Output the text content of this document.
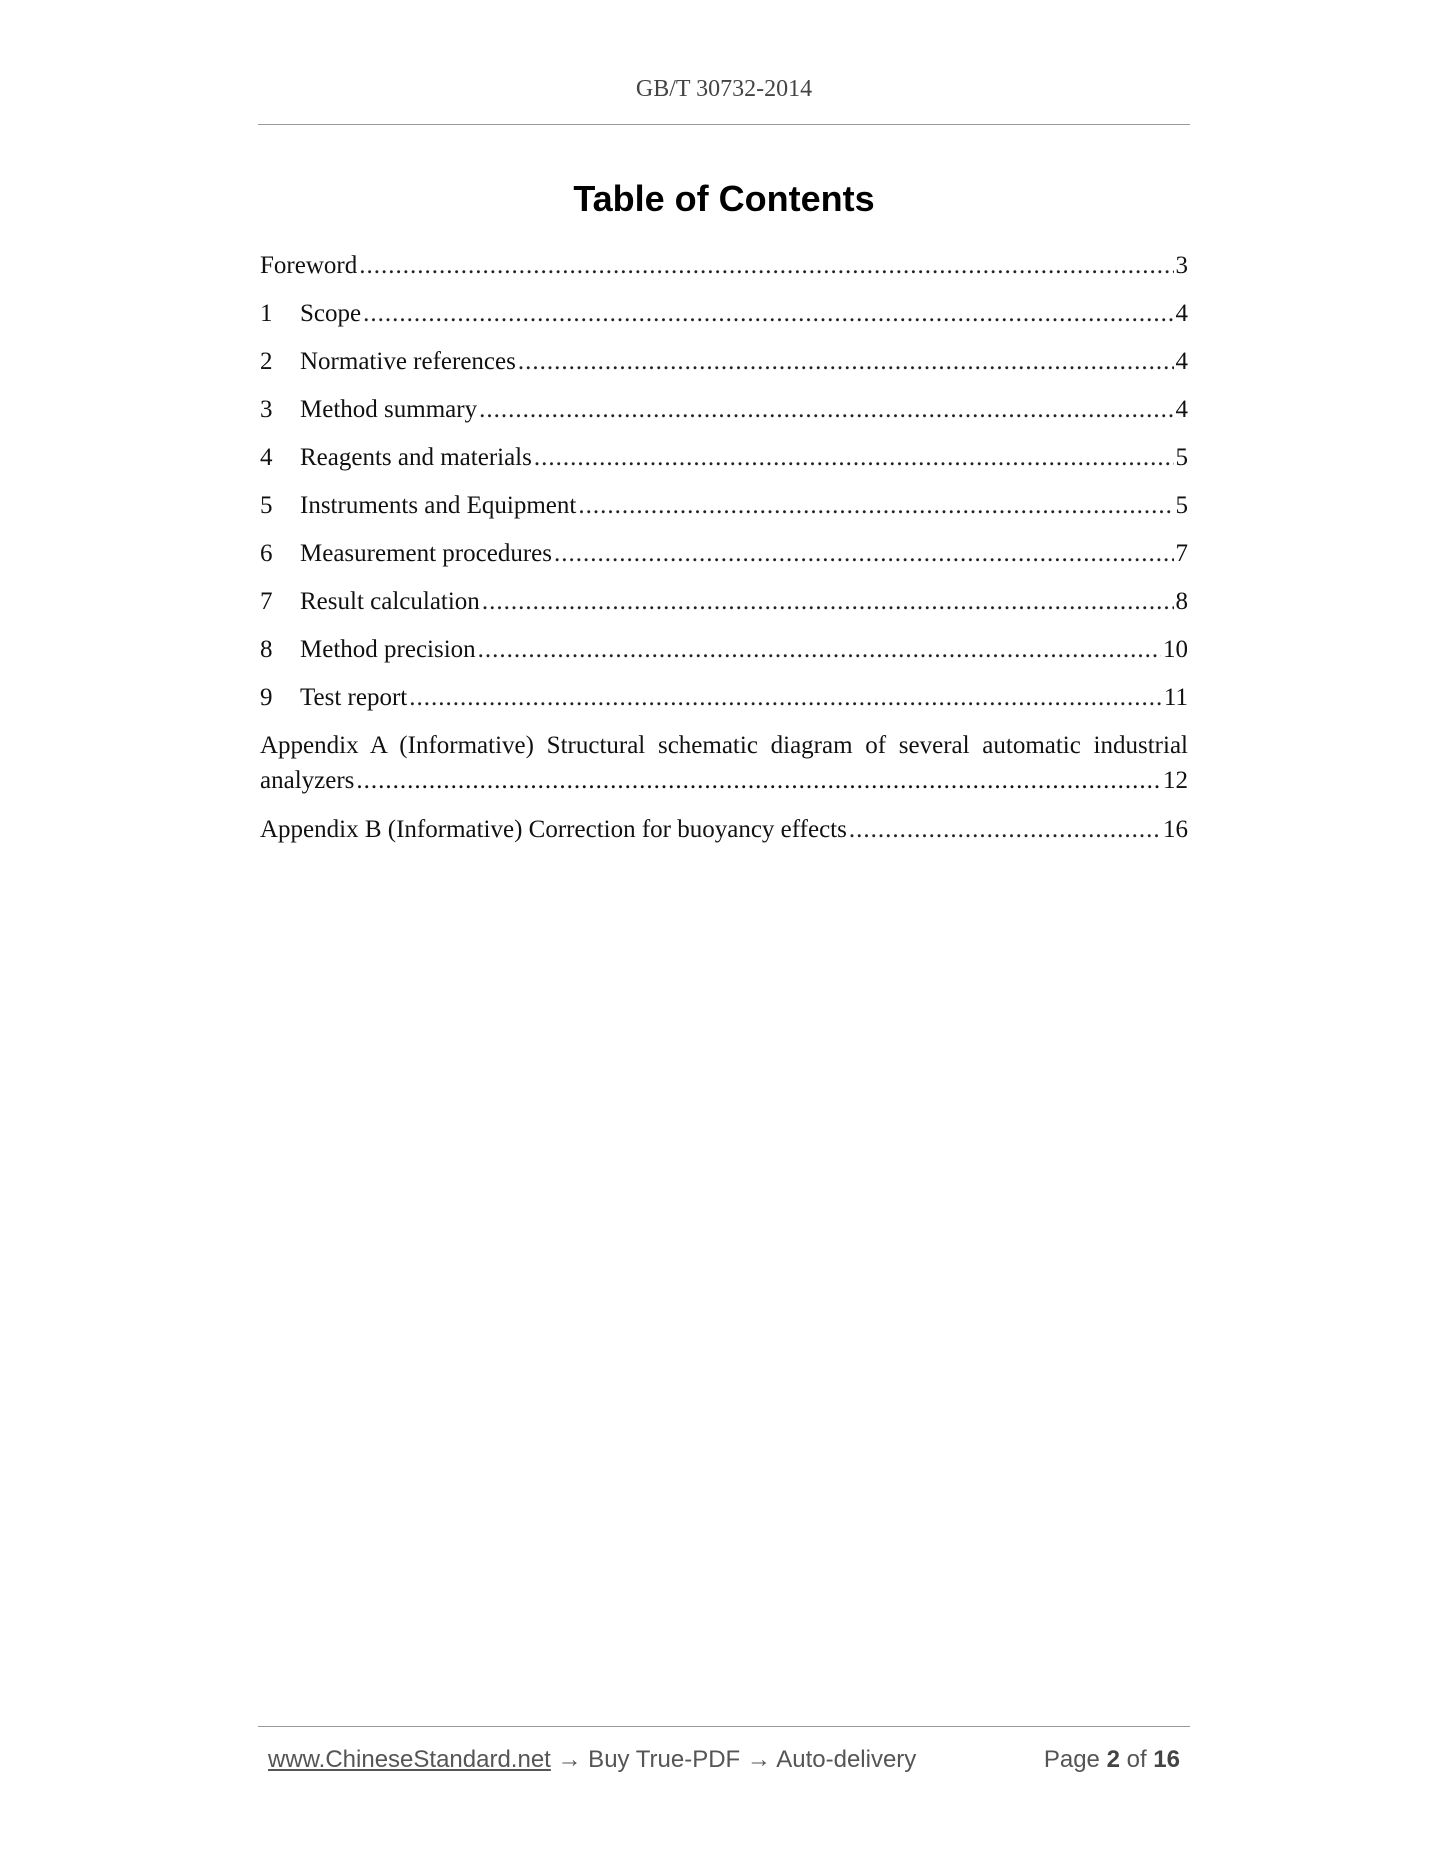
GB/T 30732-2014
Table of Contents
Foreword .....	3
1	Scope .....	4
2	Normative references .....	4
3	Method summary .....	4
4	Reagents and materials .....	5
5	Instruments and Equipment .....	5
6	Measurement procedures .....	7
7	Result calculation .....	8
8	Method precision .....	10
9	Test report .....	11
Appendix A (Informative) Structural schematic diagram of several automatic industrial
analyzers .....	12
Appendix B (Informative) Correction for buoyancy effects .....	16
www.ChineseStandard.net → Buy True-PDF → Auto-delivery	Page 2 of 16
